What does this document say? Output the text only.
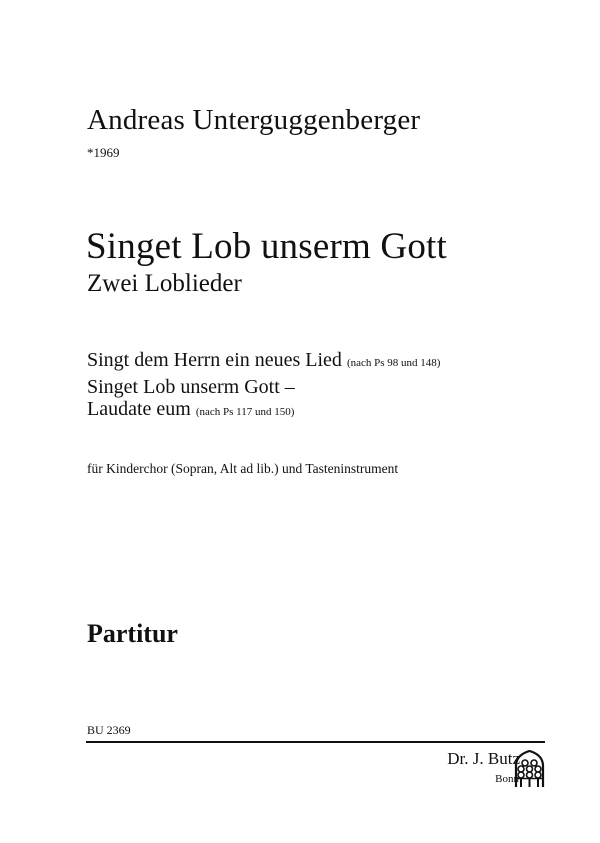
Andreas Unterguggenberger
*1969
Singet Lob unserm Gott
Zwei Loblieder
Singt dem Herrn ein neues Lied (nach Ps 98 und 148)
Singet Lob unserm Gott –
Laudate eum (nach Ps 117 und 150)
für Kinderchor (Sopran, Alt ad lib.) und Tasteninstrument
Partitur
BU 2369
Dr. J. Butz
Bonn
